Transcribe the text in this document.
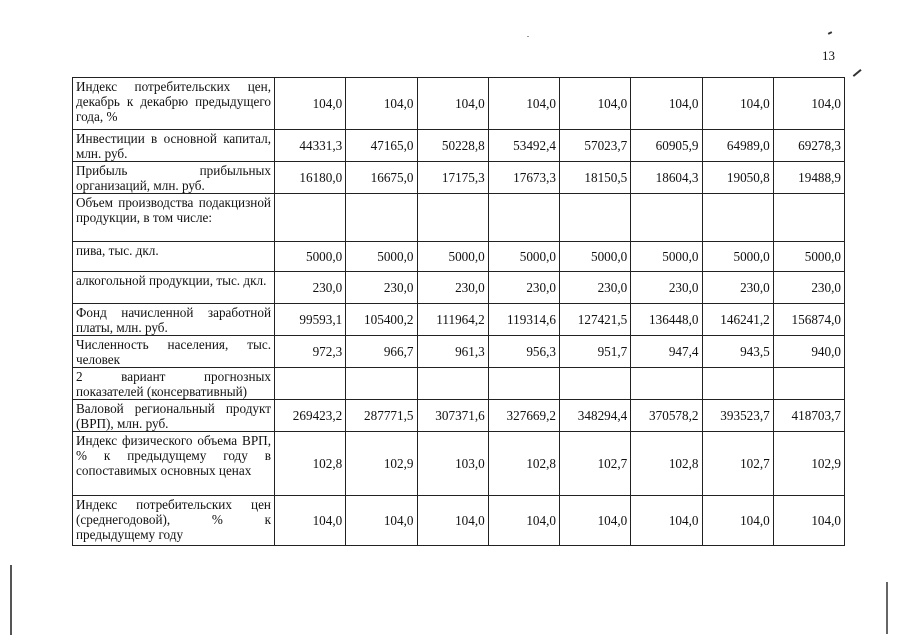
13
Индекс потребительских цен, декабрь к декабрю предыдущего года, %	104,0	104,0	104,0	104,0	104,0	104,0	104,0	104,0
Инвестиции в основной капитал, млн. руб.	44331,3	47165,0	50228,8	53492,4	57023,7	60905,9	64989,0	69278,3
Прибыль прибыльных организаций, млн. руб.	16180,0	16675,0	17175,3	17673,3	18150,5	18604,3	19050,8	19488,9
Объем производства подакцизной продукции, в том числе:								
пива, тыс. дкл.	5000,0	5000,0	5000,0	5000,0	5000,0	5000,0	5000,0	5000,0
алкогольной продукции, тыс. дкл.	230,0	230,0	230,0	230,0	230,0	230,0	230,0	230,0
Фонд начисленной заработной платы, млн. руб.	99593,1	105400,2	111964,2	119314,6	127421,5	136448,0	146241,2	156874,0
Численность населения, тыс. человек	972,3	966,7	961,3	956,3	951,7	947,4	943,5	940,0
2 вариант прогнозных показателей (консервативный)								
Валовой региональный продукт (ВРП), млн. руб.	269423,2	287771,5	307371,6	327669,2	348294,4	370578,2	393523,7	418703,7
Индекс физического объема ВРП, % к предыдущему году в сопоставимых основных ценах	102,8	102,9	103,0	102,8	102,7	102,8	102,7	102,9
Индекс потребительских цен (среднегодовой), % к предыдущему году	104,0	104,0	104,0	104,0	104,0	104,0	104,0	104,0
